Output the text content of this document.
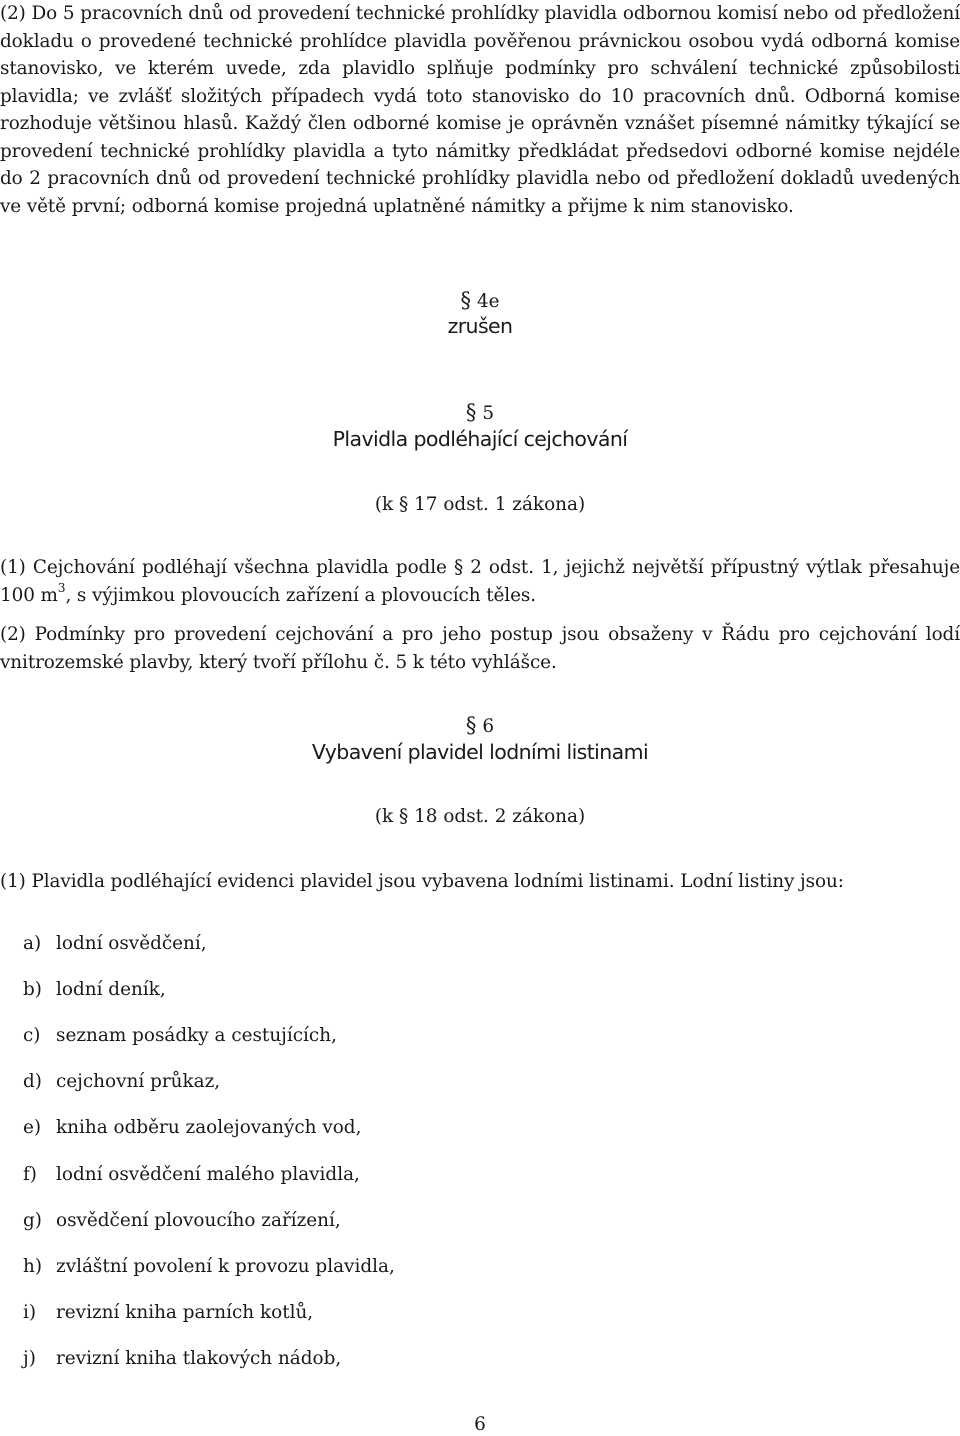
(2) Do 5 pracovních dnů od provedení technické prohlídky plavidla odbornou komisí nebo od předložení dokladu o provedené technické prohlídce plavidla pověřenou právnickou osobou vydá odborná komise stanovisko, ve kterém uvede, zda plavidlo splňuje podmínky pro schválení technické způsobilosti plavidla; ve zvlášť složitých případech vydá toto stanovisko do 10 pracovních dnů. Odborná komise rozhoduje většinou hlasů. Každý člen odborné komise je oprávněn vznášet písemné námitky týkající se provedení technické prohlídky plavidla a tyto námitky předkládat předsedovi odborné komise nejdéle do 2 pracovních dnů od provedení technické prohlídky plavidla nebo od předložení dokladů uvedených ve větě první; odborná komise projedná uplatněné námitky a přijme k nim stanovisko.

§ 4e

zrušen

§ 5

Plavidla podléhající cejchování

(k § 17 odst. 1 zákona)

(1) Cejchování podléhají všechna plavidla podle § 2 odst. 1, jejichž největší přípustný výtlak přesahuje 100 $m^3$, s výjimkou plovoucích zařízení a plovoucích těles.

(2) Podmínky pro provedení cejchování a pro jeho postup jsou obsaženy v Řádu pro cejchování lodí vnitrozemské plavby, který tvoří přílohu č. 5 k této vyhlášce.

§ 6

Vybavení plavidel lodními listinami

(k § 18 odst. 2 zákona)

(1) Plavidla podléhající evidenci plavidel jsou vybavena lodními listinami. Lodní listiny jsou:

a) lodní osvědčení,
b) lodní deník,
c) seznam posádky a cestujících,
d) cejchovní průkaz,
e) kniha odběru zaolejovaných vod,
f) lodní osvědčení malého plavidla,
g) osvědčení plovoucího zařízení,
h) zvláštní povolení k provozu plavidla,
i) revizní kniha parních kotlů,
j) revizní kniha tlakových nádob,
6
